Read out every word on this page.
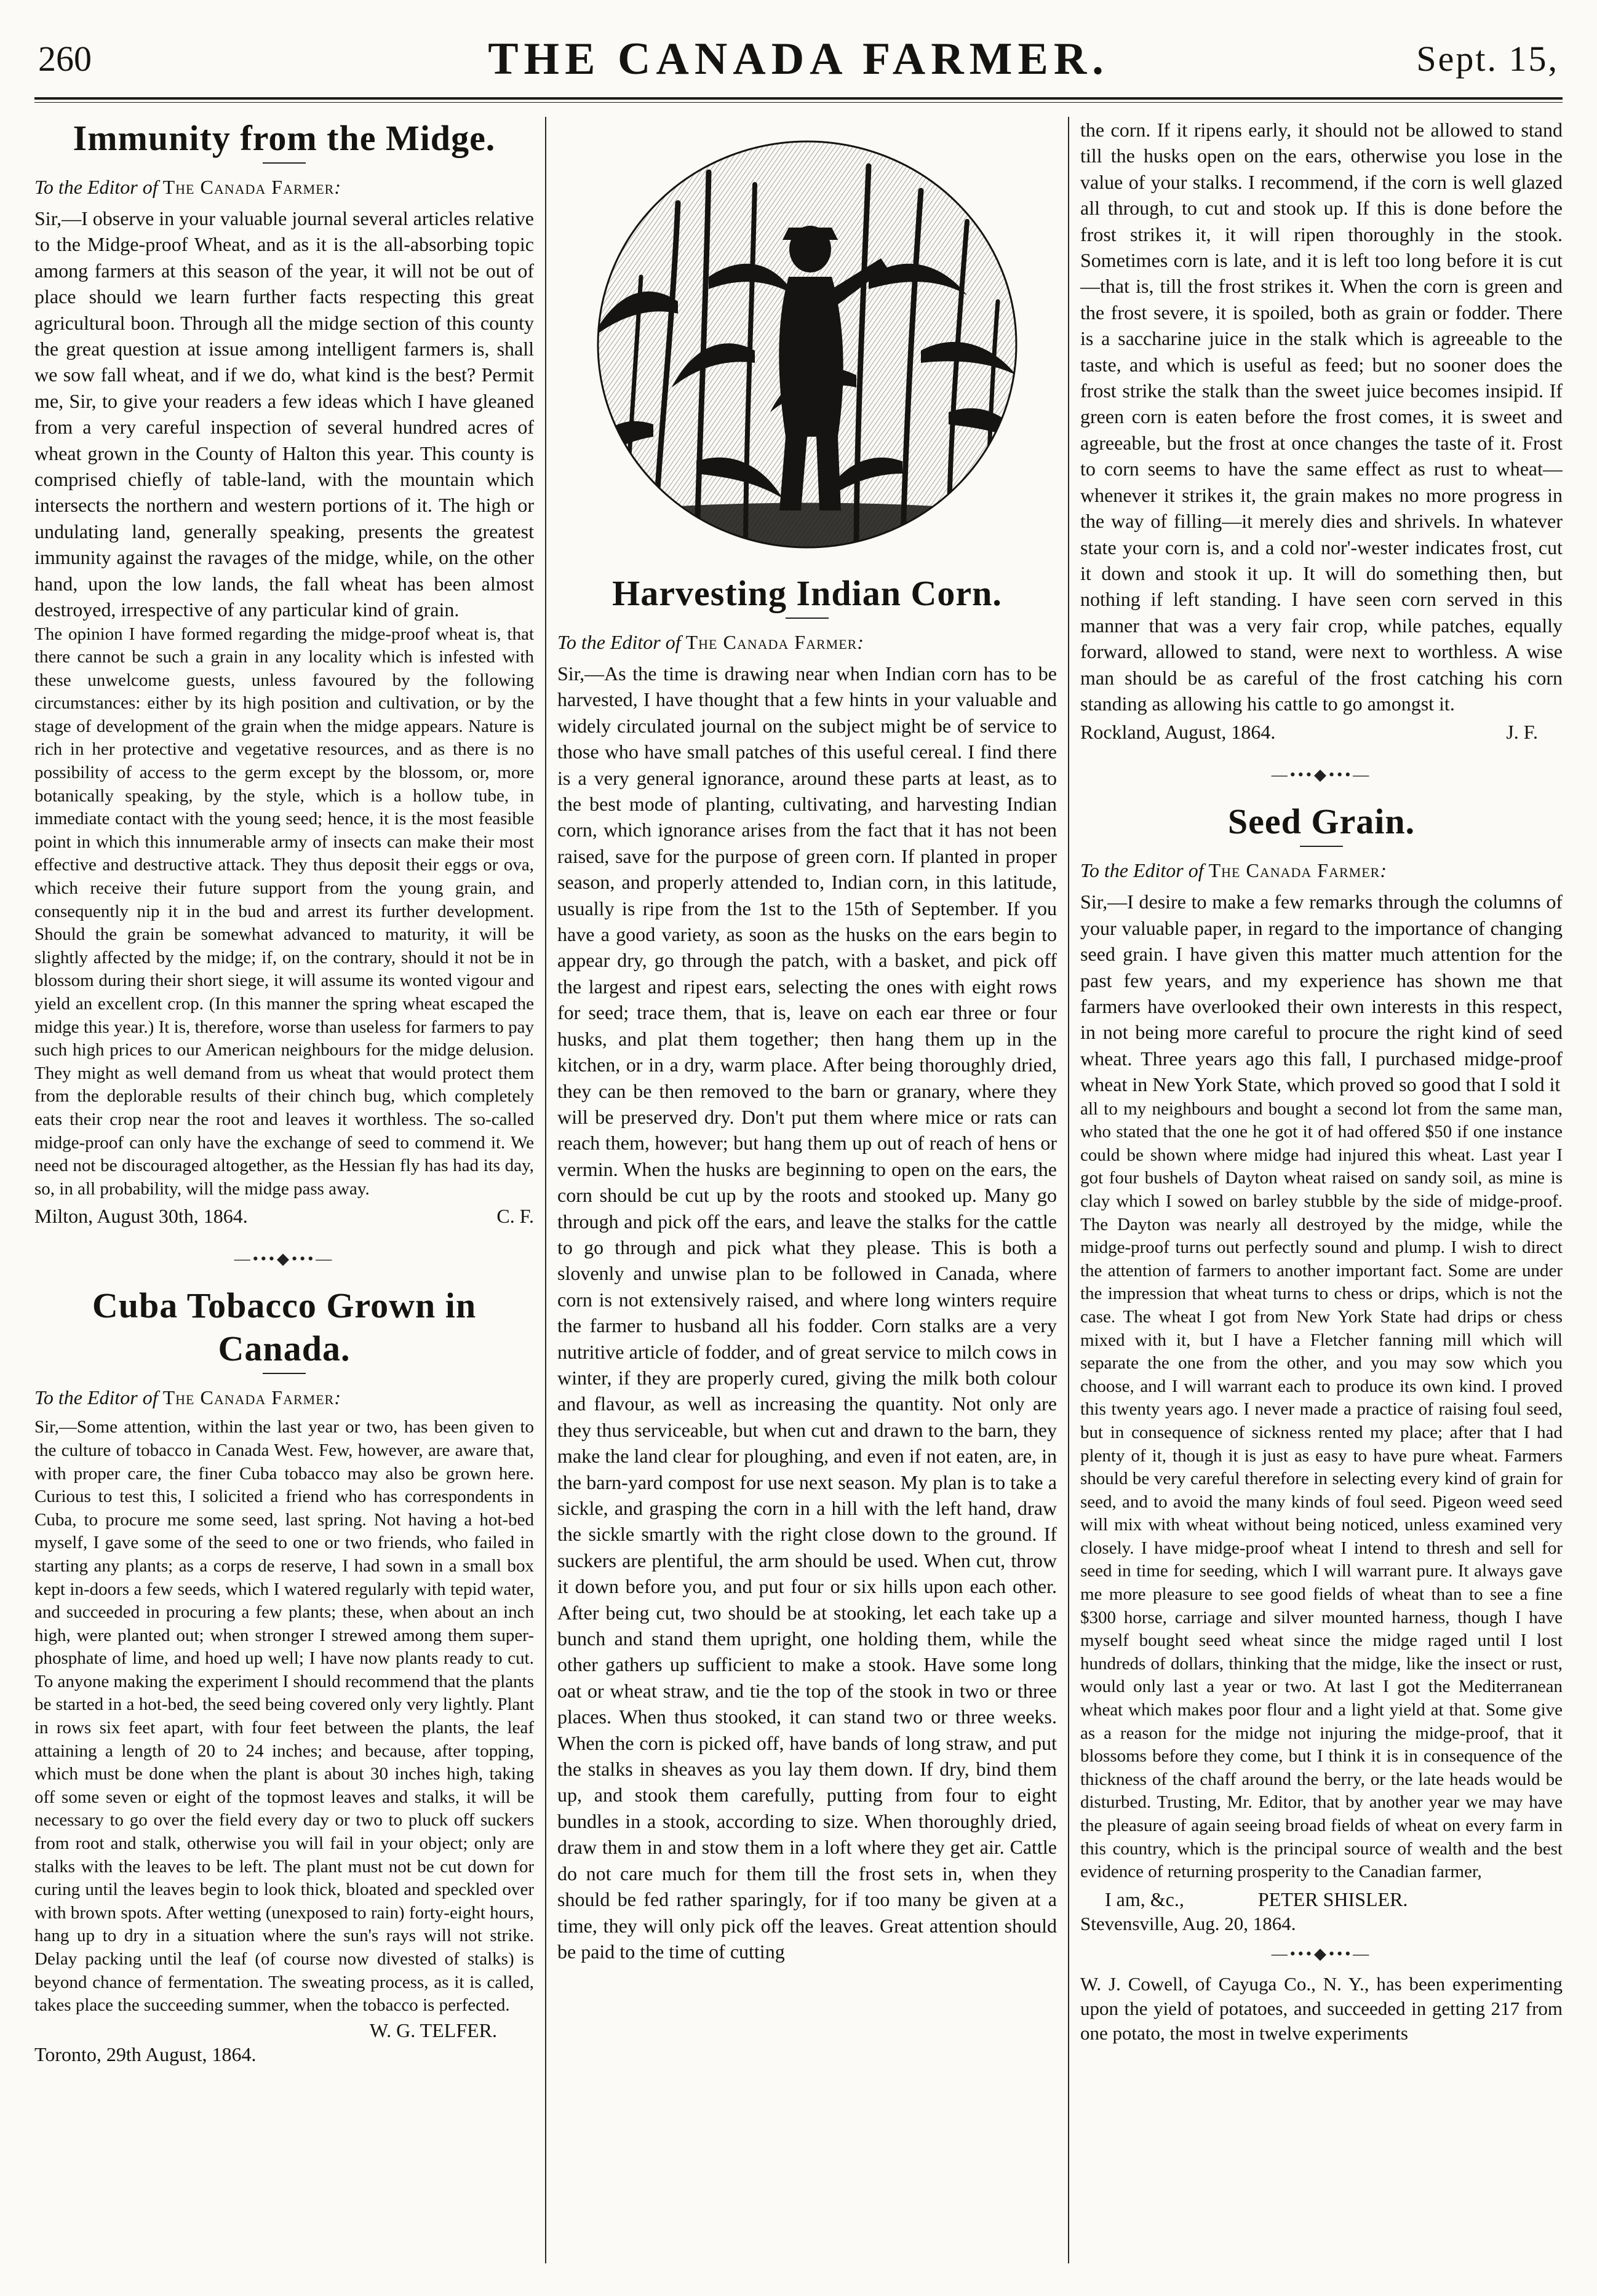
260	THE CANADA FARMER.	Sept. 15,
Immunity from the Midge.

To the Editor of The Canada Farmer:

Sir,—I observe in your valuable journal several articles relative to the Midge-proof Wheat, and as it is the all-absorbing topic among farmers at this season of the year, it will not be out of place should we learn further facts respecting this great agricultural boon. Through all the midge section of this county the great question at issue among intelligent farmers is, shall we sow fall wheat, and if we do, what kind is the best? Permit me, Sir, to give your readers a few ideas which I have gleaned from a very careful inspection of several hundred acres of wheat grown in the County of Halton this year. This county is comprised chiefly of table-land, with the mountain which intersects the northern and western portions of it. The high or undulating land, generally speaking, presents the greatest immunity against the ravages of the midge, while, on the other hand, upon the low lands, the fall wheat has been almost destroyed, irrespective of any particular kind of grain.

The opinion I have formed regarding the midge-proof wheat is, that there cannot be such a grain in any locality which is infested with these unwelcome guests, unless favoured by the following circumstances: either by its high position and cultivation, or by the stage of development of the grain when the midge appears. Nature is rich in her protective and vegetative resources, and as there is no possibility of access to the germ except by the blossom, or, more botanically speaking, by the style, which is a hollow tube, in immediate contact with the young seed; hence, it is the most feasible point in which this innumerable army of insects can make their most effective and destructive attack. They thus deposit their eggs or ova, which receive their future support from the young grain, and consequently nip it in the bud and arrest its further development. Should the grain be somewhat advanced to maturity, it will be slightly affected by the midge; if, on the contrary, should it not be in blossom during their short siege, it will assume its wonted vigour and yield an excellent crop. (In this manner the spring wheat escaped the midge this year.) It is, therefore, worse than useless for farmers to pay such high prices to our American neighbours for the midge delusion. They might as well demand from us wheat that would protect them from the deplorable results of their chinch bug, which completely eats their crop near the root and leaves it worthless. The so-called midge-proof can only have the exchange of seed to commend it. We need not be discouraged altogether, as the Hessian fly has had its day, so, in all probability, will the midge pass away.

Milton, August 30th, 1864.	C. F.
—•••◆•••—
Cuba Tobacco Grown in Canada.

To the Editor of The Canada Farmer:

Sir,—Some attention, within the last year or two, has been given to the culture of tobacco in Canada West. Few, however, are aware that, with proper care, the finer Cuba tobacco may also be grown here. Curious to test this, I solicited a friend who has correspondents in Cuba, to procure me some seed, last spring. Not having a hot-bed myself, I gave some of the seed to one or two friends, who failed in starting any plants; as a corps de reserve, I had sown in a small box kept in-doors a few seeds, which I watered regularly with tepid water, and succeeded in procuring a few plants; these, when about an inch high, were planted out; when stronger I strewed among them super-phosphate of lime, and hoed up well; I have now plants ready to cut. To anyone making the experiment I should recommend that the plants be started in a hot-bed, the seed being covered only very lightly. Plant in rows six feet apart, with four feet between the plants, the leaf attaining a length of 20 to 24 inches; and because, after topping, which must be done when the plant is about 30 inches high, taking off some seven or eight of the topmost leaves and stalks, it will be necessary to go over the field every day or two to pluck off suckers from root and stalk, otherwise you will fail in your object; only are stalks with the leaves to be left. The plant must not be cut down for curing until the leaves begin to look thick, bloated and speckled over with brown spots. After wetting (unexposed to rain) forty-eight hours, hang up to dry in a situation where the sun's rays will not strike. Delay packing until the leaf (of course now divested of stalks) is beyond chance of fermentation. The sweating process, as it is called, takes place the succeeding summer, when the tobacco is perfected.

W. G. TELFER.

Toronto, 29th August, 1864.

Harvesting Indian Corn.

To the Editor of The Canada Farmer:

Sir,—As the time is drawing near when Indian corn has to be harvested, I have thought that a few hints in your valuable and widely circulated journal on the subject might be of service to those who have small patches of this useful cereal. I find there is a very general ignorance, around these parts at least, as to the best mode of planting, cultivating, and harvesting Indian corn, which ignorance arises from the fact that it has not been raised, save for the purpose of green corn. If planted in proper season, and properly attended to, Indian corn, in this latitude, usually is ripe from the 1st to the 15th of September. If you have a good variety, as soon as the husks on the ears begin to appear dry, go through the patch, with a basket, and pick off the largest and ripest ears, selecting the ones with eight rows for seed; trace them, that is, leave on each ear three or four husks, and plat them together; then hang them up in the kitchen, or in a dry, warm place. After being thoroughly dried, they can be then removed to the barn or granary, where they will be preserved dry. Don't put them where mice or rats can reach them, however; but hang them up out of reach of hens or vermin. When the husks are beginning to open on the ears, the corn should be cut up by the roots and stooked up. Many go through and pick off the ears, and leave the stalks for the cattle to go through and pick what they please. This is both a slovenly and unwise plan to be followed in Canada, where corn is not extensively raised, and where long winters require the farmer to husband all his fodder. Corn stalks are a very nutritive article of fodder, and of great service to milch cows in winter, if they are properly cured, giving the milk both colour and flavour, as well as increasing the quantity. Not only are they thus serviceable, but when cut and drawn to the barn, they make the land clear for ploughing, and even if not eaten, are, in the barn-yard compost for use next season. My plan is to take a sickle, and grasping the corn in a hill with the left hand, draw the sickle smartly with the right close down to the ground. If suckers are plentiful, the arm should be used. When cut, throw it down before you, and put four or six hills upon each other. After being cut, two should be at stooking, let each take up a bunch and stand them upright, one holding them, while the other gathers up sufficient to make a stook. Have some long oat or wheat straw, and tie the top of the stook in two or three places. When thus stooked, it can stand two or three weeks. When the corn is picked off, have bands of long straw, and put the stalks in sheaves as you lay them down. If dry, bind them up, and stook them carefully, putting from four to eight bundles in a stook, according to size. When thoroughly dried, draw them in and stow them in a loft where they get air. Cattle do not care much for them till the frost sets in, when they should be fed rather sparingly, for if too many be given at a time, they will only pick off the leaves. Great attention should be paid to the time of cutting

the corn. If it ripens early, it should not be allowed to stand till the husks open on the ears, otherwise you lose in the value of your stalks. I recommend, if the corn is well glazed all through, to cut and stook up. If this is done before the frost strikes it, it will ripen thoroughly in the stook. Sometimes corn is late, and it is left too long before it is cut—that is, till the frost strikes it. When the corn is green and the frost severe, it is spoiled, both as grain or fodder. There is a saccharine juice in the stalk which is agreeable to the taste, and which is useful as feed; but no sooner does the frost strike the stalk than the sweet juice becomes insipid. If green corn is eaten before the frost comes, it is sweet and agreeable, but the frost at once changes the taste of it. Frost to corn seems to have the same effect as rust to wheat—whenever it strikes it, the grain makes no more progress in the way of filling—it merely dies and shrivels. In whatever state your corn is, and a cold nor'-wester indicates frost, cut it down and stook it up. It will do something then, but nothing if left standing. I have seen corn served in this manner that was a very fair crop, while patches, equally forward, allowed to stand, were next to worthless. A wise man should be as careful of the frost catching his corn standing as allowing his cattle to go amongst it.

Rockland, August, 1864.	J. F.
—•••◆•••—
Seed Grain.

To the Editor of The Canada Farmer:

Sir,—I desire to make a few remarks through the columns of your valuable paper, in regard to the importance of changing seed grain. I have given this matter much attention for the past few years, and my experience has shown me that farmers have overlooked their own interests in this respect, in not being more careful to procure the right kind of seed wheat. Three years ago this fall, I purchased midge-proof wheat in New York State, which proved so good that I sold it

all to my neighbours and bought a second lot from the same man, who stated that the one he got it of had offered $50 if one instance could be shown where midge had injured this wheat. Last year I got four bushels of Dayton wheat raised on sandy soil, as mine is clay which I sowed on barley stubble by the side of midge-proof. The Dayton was nearly all destroyed by the midge, while the midge-proof turns out perfectly sound and plump. I wish to direct the attention of farmers to another important fact. Some are under the impression that wheat turns to chess or drips, which is not the case. The wheat I got from New York State had drips or chess mixed with it, but I have a Fletcher fanning mill which will separate the one from the other, and you may sow which you choose, and I will warrant each to produce its own kind. I proved this twenty years ago. I never made a practice of raising foul seed, but in consequence of sickness rented my place; after that I had plenty of it, though it is just as easy to have pure wheat. Farmers should be very careful therefore in selecting every kind of grain for seed, and to avoid the many kinds of foul seed. Pigeon weed seed will mix with wheat without being noticed, unless examined very closely. I have midge-proof wheat I intend to thresh and sell for seed in time for seeding, which I will warrant pure. It always gave me more pleasure to see good fields of wheat than to see a fine $300 horse, carriage and silver mounted harness, though I have myself bought seed wheat since the midge raged until I lost hundreds of dollars, thinking that the midge, like the insect or rust, would only last a year or two. At last I got the Mediterranean wheat which makes poor flour and a light yield at that. Some give as a reason for the midge not injuring the midge-proof, that it blossoms before they come, but I think it is in consequence of the thickness of the chaff around the berry, or the late heads would be disturbed. Trusting, Mr. Editor, that by another year we may have the pleasure of again seeing broad fields of wheat on every farm in this country, which is the principal source of wealth and the best evidence of returning prosperity to the Canadian farmer,

I am, &c.,	PETER SHISLER.

Stevensville, Aug. 20, 1864.

—•••◆•••—

W. J. Cowell, of Cayuga Co., N. Y., has been experimenting upon the yield of potatoes, and succeeded in getting 217 from one potato, the most in twelve experiments
